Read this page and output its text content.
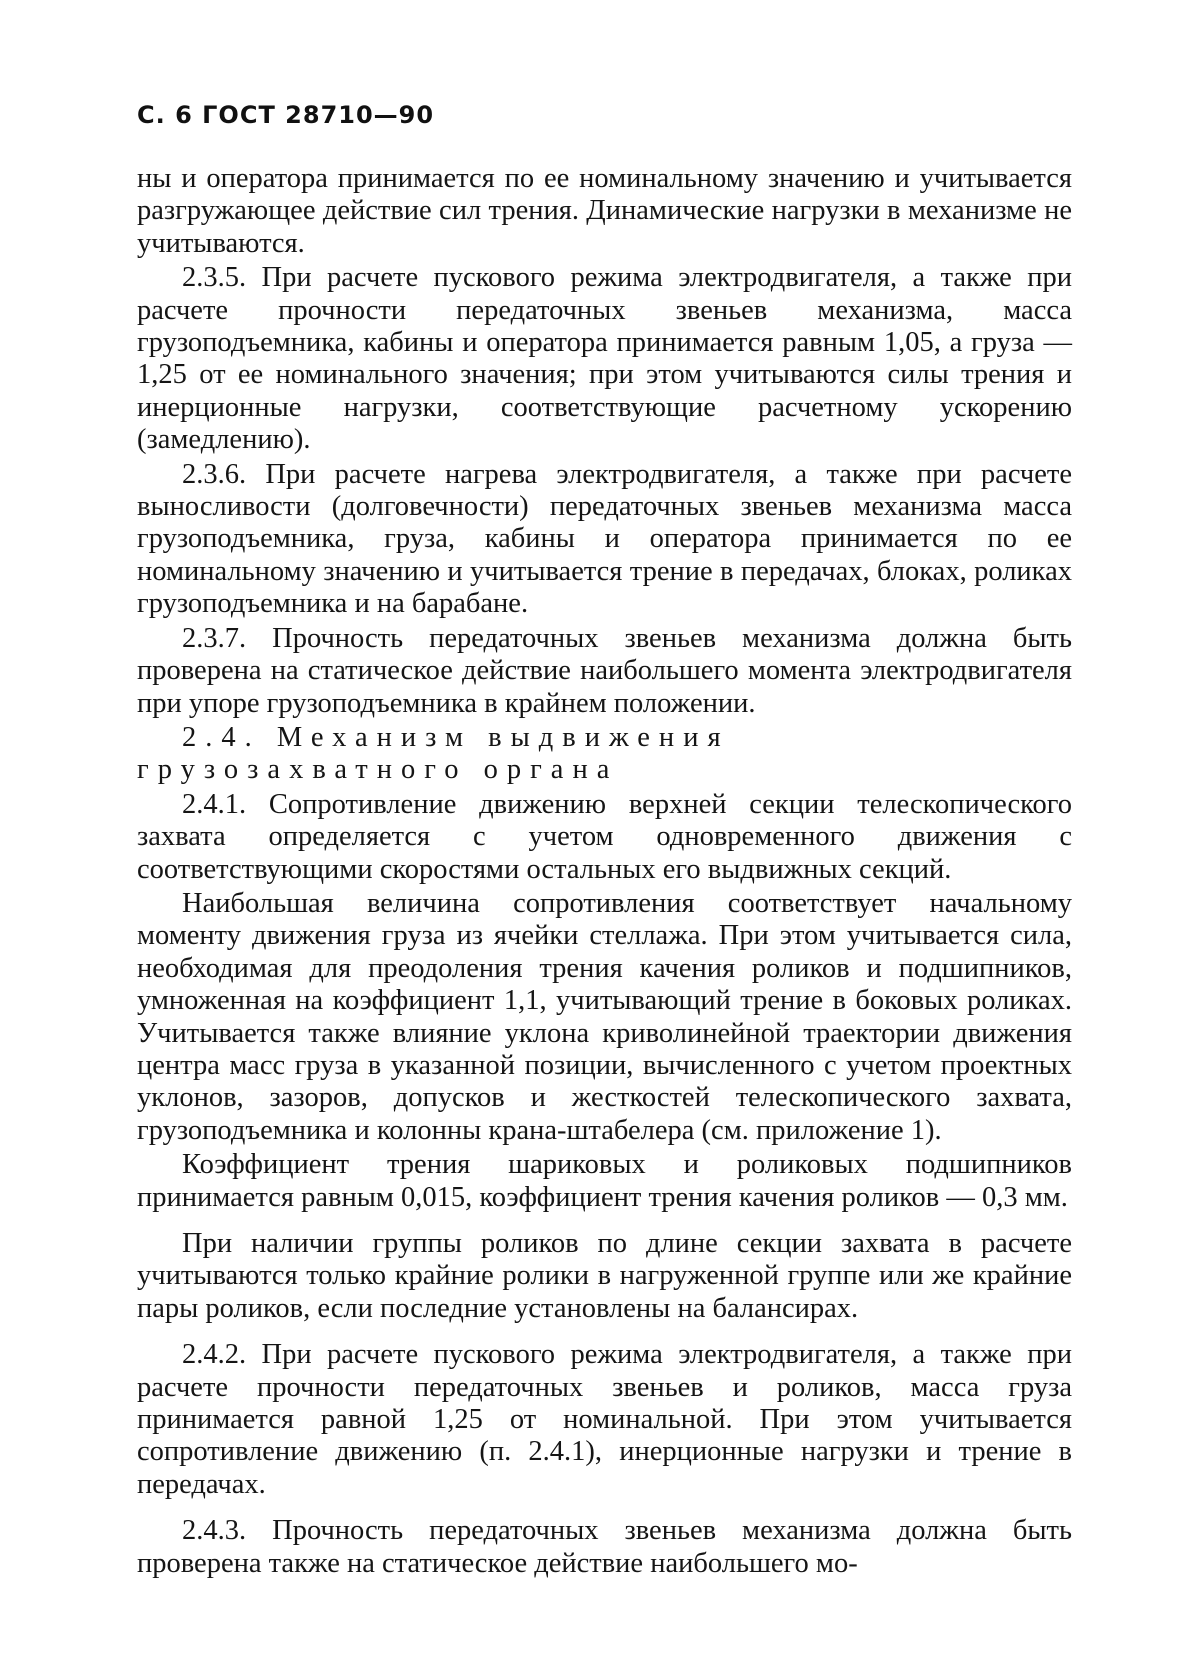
С. 6 ГОСТ 28710—90

ны и оператора принимается по ее номинальному значению и учитывается разгружающее действие сил трения. Динамические нагрузки в механизме не учитываются.

2.3.5. При расчете пускового режима электродвигателя, а также при расчете прочности передаточных звеньев механизма, масса грузоподъемника, кабины и оператора принимается равным 1,05, а груза — 1,25 от ее номинального значения; при этом учитываются силы трения и инерционные нагрузки, соответствующие расчетному ускорению (замедлению).

2.3.6. При расчете нагрева электродвигателя, а также при расчете выносливости (долговечности) передаточных звеньев механизма масса грузоподъемника, груза, кабины и оператора принимается по ее номинальному значению и учитывается трение в передачах, блоках, роликах грузоподъемника и на барабане.

2.3.7. Прочность передаточных звеньев механизма должна быть проверена на статическое действие наибольшего момента электродвигателя при упоре грузоподъемника в крайнем положении.

2.4. Механизм выдвижения грузозахватного органа

2.4.1. Сопротивление движению верхней секции телескопического захвата определяется с учетом одновременного движения с соответствующими скоростями остальных его выдвижных секций.

Наибольшая величина сопротивления соответствует начальному моменту движения груза из ячейки стеллажа. При этом учитывается сила, необходимая для преодоления трения качения роликов и подшипников, умноженная на коэффициент 1,1, учитывающий трение в боковых роликах. Учитывается также влияние уклона криволинейной траектории движения центра масс груза в указанной позиции, вычисленного с учетом проектных уклонов, зазоров, допусков и жесткостей телескопического захвата, грузоподъемника и колонны крана-штабелера (см. приложение 1).

Коэффициент трения шариковых и роликовых подшипников принимается равным 0,015, коэффициент трения качения роликов — 0,3 мм.

При наличии группы роликов по длине секции захвата в расчете учитываются только крайние ролики в нагруженной группе или же крайние пары роликов, если последние установлены на балансирах.

2.4.2. При расчете пускового режима электродвигателя, а также при расчете прочности передаточных звеньев и роликов, масса груза принимается равной 1,25 от номинальной. При этом учитывается сопротивление движению (п. 2.4.1), инерционные нагрузки и трение в передачах.

2.4.3. Прочность передаточных звеньев механизма должна быть проверена также на статическое действие наибольшего мо-
